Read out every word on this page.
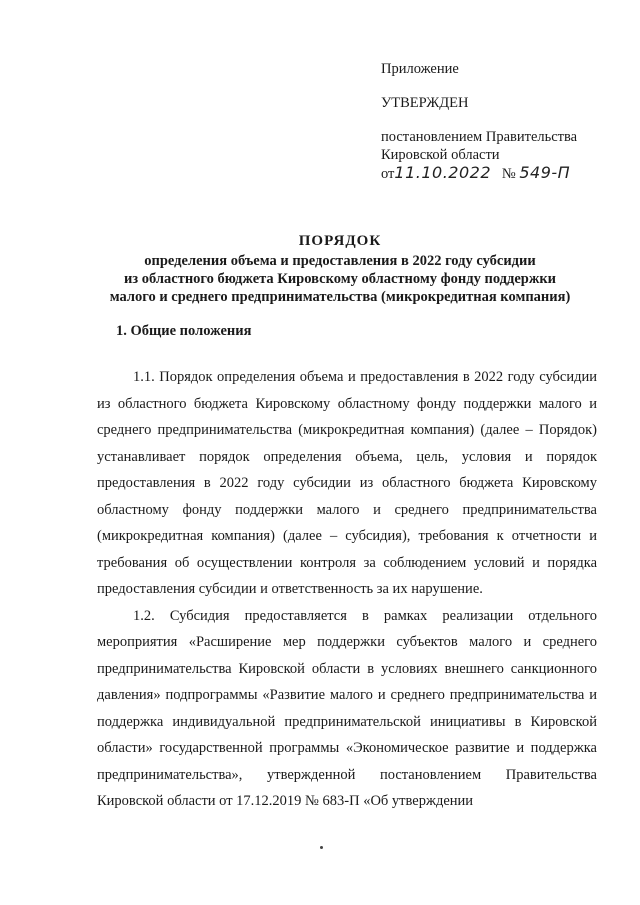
Приложение
УТВЕРЖДЕН
постановлением Правительства
Кировской области
от11.10.2022 № 549-П
ПОРЯДОК
определения объема и предоставления в 2022 году субсидии
из областного бюджета Кировскому областному фонду поддержки
малого и среднего предпринимательства (микрокредитная компания)
1. Общие положения

1.1. Порядок определения объема и предоставления в 2022 году субсидии из областного бюджета Кировскому областному фонду поддержки малого и среднего предпринимательства (микрокредитная компания) (далее – Порядок) устанавливает порядок определения объема, цель, условия и порядок предоставления в 2022 году субсидии из областного бюджета Кировскому областному фонду поддержки малого и среднего предпринимательства (микрокредитная компания) (далее – субсидия), требования к отчетности и требования об осуществлении контроля за соблюдением условий и порядка предоставления субсидии и ответственность за их нарушение.

1.2. Субсидия предоставляется в рамках реализации отдельного мероприятия «Расширение мер поддержки субъектов малого и среднего предпринимательства Кировской области в условиях внешнего санкционного давления» подпрограммы «Развитие малого и среднего предпринимательства и поддержка индивидуальной предпринимательской инициативы в Кировской области» государственной программы «Экономическое развитие и поддержка предпринимательства», утвержденной постановлением Правительства Кировской области от 17.12.2019 № 683-П «Об утверждении
